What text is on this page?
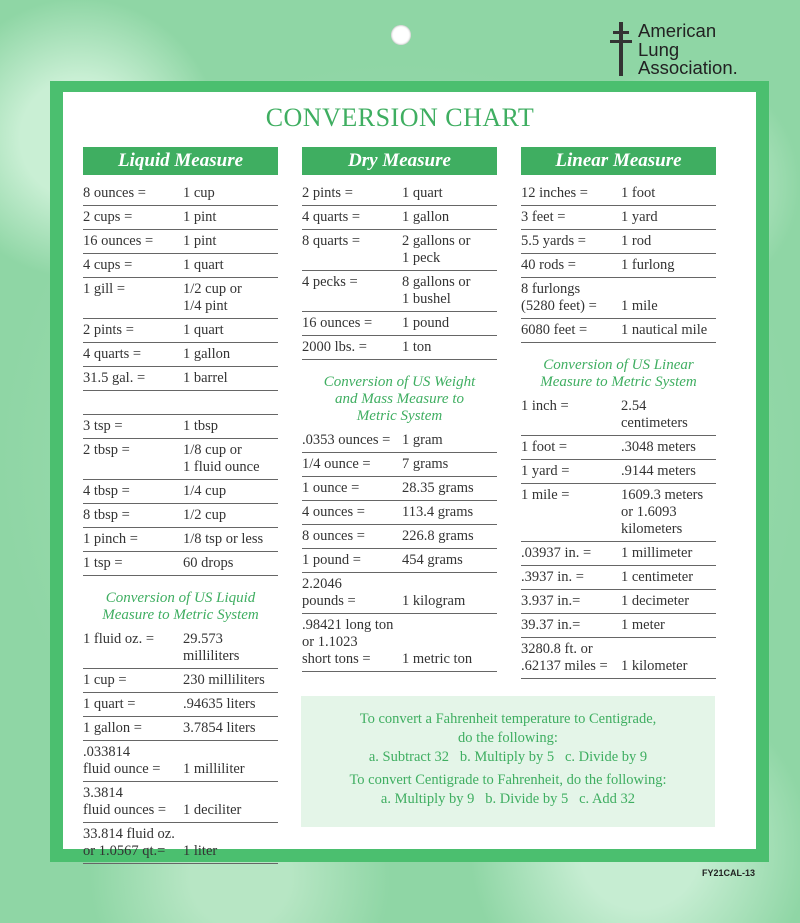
American
Lung
Association.
CONVERSION CHART
Liquid Measure	Dry Measure	Linear Measure
8 ounces =	1 cup
2 cups =	1 pint
16 ounces =	1 pint
4 cups =	1 quart
1 gill =	1/2 cup or
1/4 pint
2 pints =	1 quart
4 quarts =	1 gallon
31.5 gal. =	1 barrel
3 tsp =	1 tbsp
2 tbsp =	1/8 cup or
1 fluid ounce
4 tbsp =	1/4 cup
8 tbsp =	1/2 cup
1 pinch =	1/8 tsp or less
1 tsp =	60 drops
Conversion of US Liquid
Measure to Metric System
1 fluid oz. =	29.573
milliliters
1 cup =	230 milliliters
1 quart =	.94635 liters
1 gallon =	3.7854 liters
.033814
fluid ounce =	
1 milliliter
3.3814
fluid ounces =	
1 deciliter
33.814 fluid oz.
or 1.0567 qt.=	
1 liter
2 pints =	1 quart
4 quarts =	1 gallon
8 quarts =	2 gallons or
1 peck
4 pecks =	8 gallons or
1 bushel
16 ounces =	1 pound
2000 lbs. =	1 ton
Conversion of US Weight
and Mass Measure to
Metric System
.0353 ounces = 1 gram
1/4 ounce =	7 grams
1 ounce =	28.35 grams
4 ounces =	113.4 grams
8 ounces =	226.8 grams
1 pound =	454 grams
2.2046
pounds =	
1 kilogram
.98421 long ton
or 1.1023
short tons =	

1 metric ton
12 inches =	1 foot
3 feet =	1 yard
5.5 yards =	1 rod
40 rods =	1 furlong
8 furlongs
(5280 feet) =	
1 mile
6080 feet =	1 nautical mile
Conversion of US Linear
Measure to Metric System
1 inch =	2.54
centimeters
1 foot =	.3048 meters
1 yard =	.9144 meters
1 mile =	1609.3 meters
or 1.6093
kilometers
.03937 in. =	1 millimeter
.3937 in. =	1 centimeter
3.937 in.=	1 decimeter
39.37 in.=	1 meter
3280.8 ft. or
.62137 miles =
1 kilometer

To convert a Fahrenheit temperature to Centigrade,

do the following:

a. Subtract 32   b. Multiply by 5   c. Divide by 9

To convert Centigrade to Fahrenheit, do the following:

a. Multiply by 9   b. Divide by 5   c. Add 32

FY21CAL-13
